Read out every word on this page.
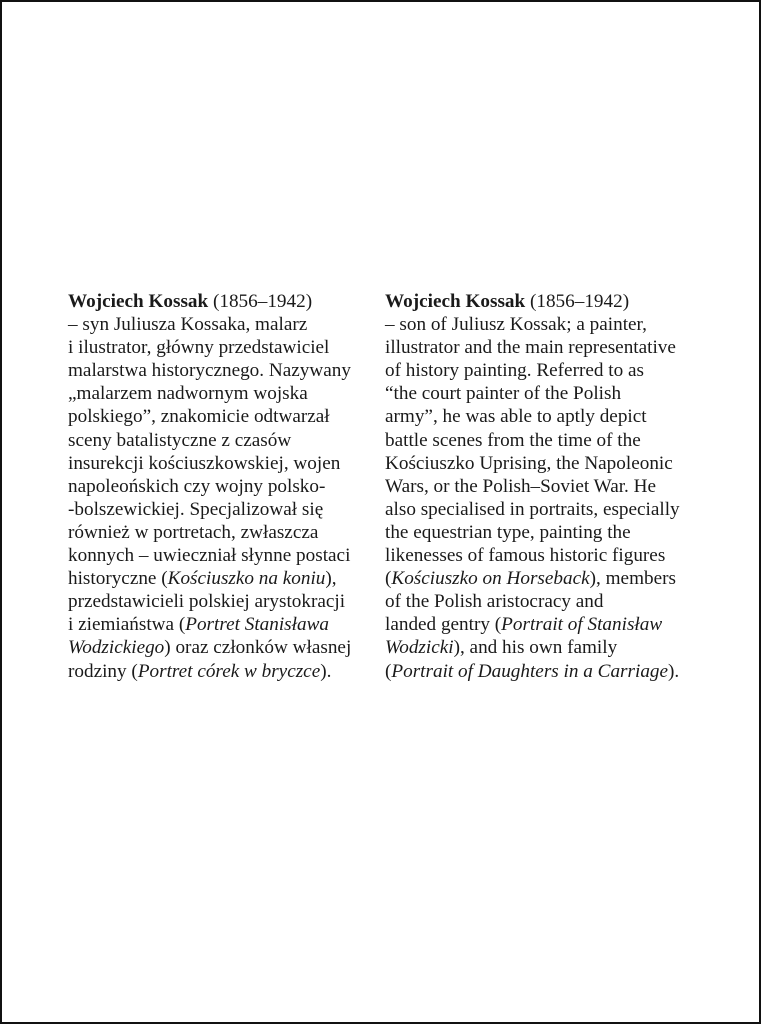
Wojciech Kossak (1856–1942)
– syn Juliusza Kossaka, malarz
i ilustrator, główny przedstawiciel
malarstwa historycznego. Nazywany
„malarzem nadwornym wojska
polskiego”, znakomicie odtwarzał
sceny batalistyczne z czasów
insurekcji kościuszkowskiej, wojen
napoleońskich czy wojny polsko-
-bolszewickiej. Specjalizował się
również w portretach, zwłaszcza
konnych – uwieczniał słynne postaci
historyczne (Kościuszko na koniu),
przedstawicieli polskiej arystokracji
i ziemiaństwa (Portret Stanisława
Wodzickiego) oraz członków własnej
rodziny (Portret córek w bryczce).
Wojciech Kossak (1856–1942)
– son of Juliusz Kossak; a painter,
illustrator and the main representative
of history painting. Referred to as
“the court painter of the Polish
army”, he was able to aptly depict
battle scenes from the time of the
Kościuszko Uprising, the Napoleonic
Wars, or the Polish–Soviet War. He
also specialised in portraits, especially
the equestrian type, painting the
likenesses of famous historic figures
(Kościuszko on Horseback), members
of the Polish aristocracy and
landed gentry (Portrait of Stanisław
Wodzicki), and his own family
(Portrait of Daughters in a Carriage).
